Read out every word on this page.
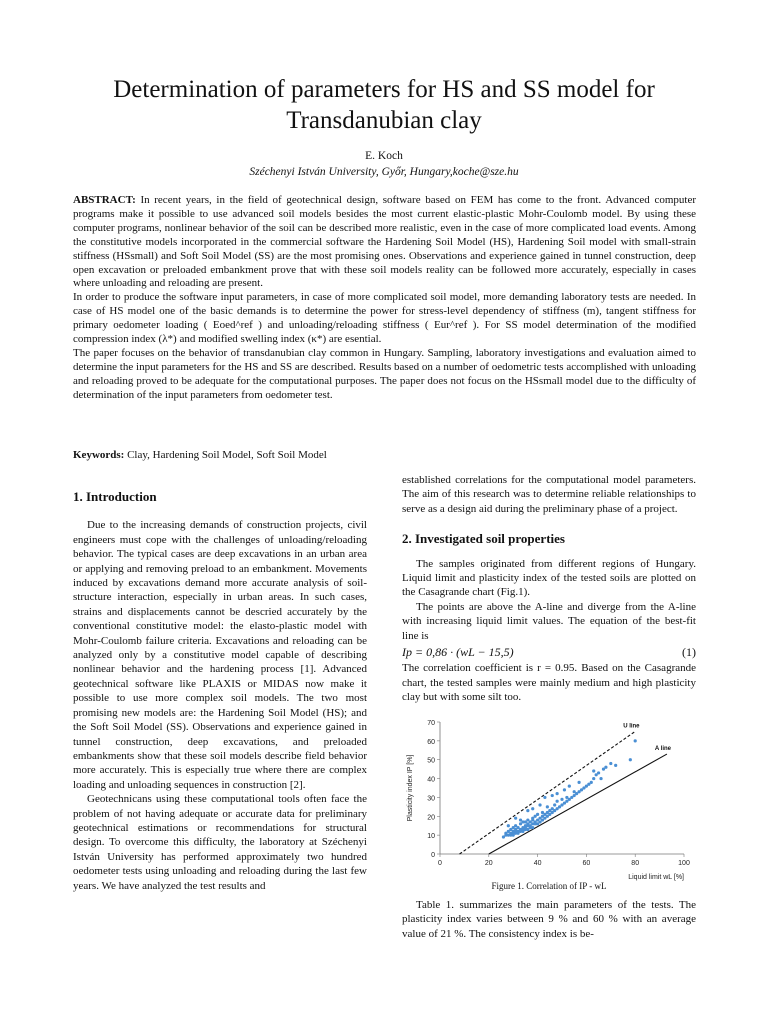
Determination of parameters for HS and SS model for
Transdanubian clay
E. Koch
Széchenyi István University, Győr, Hungary,koche@sze.hu

ABSTRACT: In recent years, in the field of geotechnical design, software based on FEM has come to the front. Advanced computer programs make it possible to use advanced soil models besides the most current elastic-plastic Mohr-Coulomb model. By using these computer programs, nonlinear behavior of the soil can be described more realistic, even in the case of more complicated load events. Among the constitutive models incorporated in the commercial software the Hardening Soil Model (HS), Hardening Soil model with small-strain stiffness (HSsmall) and Soft Soil Model (SS) are the most promising ones. Observations and experience gained in tunnel construction, deep open excavation or preloaded embankment prove that with these soil models reality can be followed more accurately, especially in cases where unloading and reloading are present.

In order to produce the software input parameters, in case of more complicated soil model, more demanding laboratory tests are needed. In case of HS model one of the basic demands is to determine the power for stress-level dependency of stiffness (m), tangent stiffness for primary oedometer loading ( Eoed^ref ) and unloading/reloading stiffness ( Eur^ref ). For SS model determination of the modified compression index (λ*) and modified swelling index (κ*) are esential.

The paper focuses on the behavior of transdanubian clay common in Hungary. Sampling, laboratory investigations and evaluation aimed to determine the input parameters for the HS and SS are described. Results based on a number of oedometric tests accomplished with unloading and reloading proved to be adequate for the computational purposes. The paper does not focus on the HSsmall model due to the difficulty of determination of the input parameters from oedometer test.

Keywords: Clay, Hardening Soil Model, Soft Soil Model
1. Introduction

Due to the increasing demands of construction projects, civil engineers must cope with the challenges of unloading/reloading behavior. The typical cases are deep excavations in an urban area or applying and removing preload to an embankment. Movements induced by excavations demand more accurate analysis of soil-structure interaction, especially in urban areas. In such cases, strains and displacements cannot be descried accurately by the conventional constitutive model: the elasto-plastic model with Mohr-Coulomb failure criteria. Excavations and reloading can be analyzed only by a constitutive model capable of describing nonlinear behavior and the hardening process [1]. Advanced geotechnical software like PLAXIS or MIDAS now make it possible to use more complex soil models. The two most promising new models are: the Hardening Soil Model (HS); and the Soft Soil Model (SS). Observations and experience gained in tunnel construction, deep excavations, and preloaded embankments show that these soil models describe field behavior more accurately. This is especially true where there are complex loading and unloading sequences in construction [2].

Geotechnicans using these computational tools often face the problem of not having adequate or accurate data for preliminary geotechnical estimations or recommendations for structural design. To overcome this difficulty, the laboratory at Széchenyi István University has performed approximately two hundred oedometer tests using unloading and reloading during the last few years. We have analyzed the test results and

established correlations for the computational model parameters. The aim of this research was to determine reliable relationships to serve as a design aid during the preliminary phase of a project.

2. Investigated soil properties

The samples originated from different regions of Hungary. Liquid limit and plasticity index of the tested soils are plotted on the Casagrande chart (Fig.1).

The points are above the A-line and diverge from the A-line with increasing liquid limit values. The equation of the best-fit line is

Ip = 0,86 · (wL − 15,5)	(1)

The correlation coefficient is r = 0.95. Based on the Casagrande chart, the tested samples were mainly medium and high plasticity clay but with some silt too.

0
10
20
30
40
50
60
70
0	20	40	60	80	100
Liquid limit wL [%]
Plasticity index IP [%]
U line
A line
Figure 1. Correlation of IP - wL

Table 1. summarizes the main parameters of the tests. The plasticity index varies between 9 % and 60 % with an average value of 21 %. The consistency index is be-
